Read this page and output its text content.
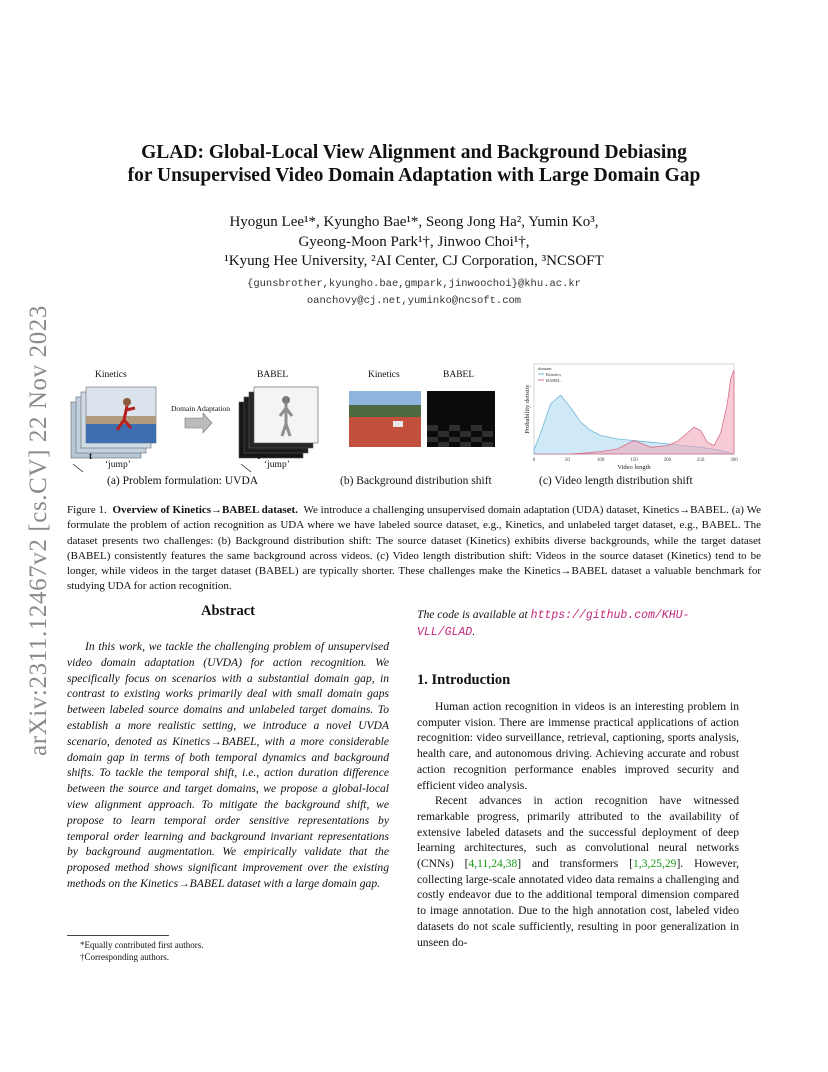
arXiv:2311.12467v2 [cs.CV] 22 Nov 2023
GLAD: Global-Local View Alignment and Background Debiasing
for Unsupervised Video Domain Adaptation with Large Domain Gap
Hyogun Lee¹*, Kyungho Bae¹*, Seong Jong Ha², Yumin Ko³,
Gyeong-Moon Park¹†, Jinwoo Choi¹†,
¹Kyung Hee University, ²AI Center, CJ Corporation, ³NCSOFT
{gunsbrother,kyungho.bae,gmpark,jinwoochoi}@khu.ac.kr
oanchovy@cj.net,yuminko@ncsoft.com
Kinetics	BABEL
Domain Adaptation
t
‘jump’
t
‘jump’
(a) Problem formulation: UVDA
Kinetics	BABEL
(b) Background distribution shift
0	50	100	150	200	250	300
Video length
Probability density
domain
Kinetics
BABEL
(c) Video length distribution shift
Figure 1. Overview of Kinetics→BABEL dataset. We introduce a challenging unsupervised domain adaptation (UDA) dataset, Kinetics→BABEL. (a) We formulate the problem of action recognition as UDA where we have labeled source dataset, e.g., Kinetics, and unlabeled target dataset, e.g., BABEL. The dataset presents two challenges: (b) Background distribution shift: The source dataset (Kinetics) exhibits diverse backgrounds, while the target dataset (BABEL) consistently features the same background across videos. (c) Video length distribution shift: Videos in the source dataset (Kinetics) tend to be longer, while videos in the target dataset (BABEL) are typically shorter. These challenges make the Kinetics→BABEL dataset a valuable benchmark for studying UDA for action recognition.
Abstract

In this work, we tackle the challenging problem of unsupervised video domain adaptation (UVDA) for action recognition. We specifically focus on scenarios with a substantial domain gap, in contrast to existing works primarily deal with small domain gaps between labeled source domains and unlabeled target domains. To establish a more realistic setting, we introduce a novel UVDA scenario, denoted as Kinetics→BABEL, with a more considerable domain gap in terms of both temporal dynamics and background shifts. To tackle the temporal shift, i.e., action duration difference between the source and target domains, we propose a global-local view alignment approach. To mitigate the background shift, we propose to learn temporal order sensitive representations by temporal order learning and background invariant representations by background augmentation. We empirically validate that the proposed method shows significant improvement over the existing methods on the Kinetics→BABEL dataset with a large domain gap.

The code is available at https://github.com/KHU-VLL/GLAD.
1. Introduction

Human action recognition in videos is an interesting problem in computer vision. There are immense practical applications of action recognition: video surveillance, retrieval, captioning, sports analysis, health care, and autonomous driving. Achieving accurate and robust action recognition performance enables improved security and efficient video analysis.

Recent advances in action recognition have witnessed remarkable progress, primarily attributed to the availability of extensive labeled datasets and the successful deployment of deep learning architectures, such as convolutional neural networks (CNNs) [4,11,24,38] and transformers [1,3,25,29]. However, collecting large-scale annotated video data remains a challenging and costly endeavor due to the additional temporal dimension compared to image annotation. Due to the high annotation cost, labeled video datasets do not scale sufficiently, resulting in poor generalization in unseen do-

*Equally contributed first authors.
†Corresponding authors.
